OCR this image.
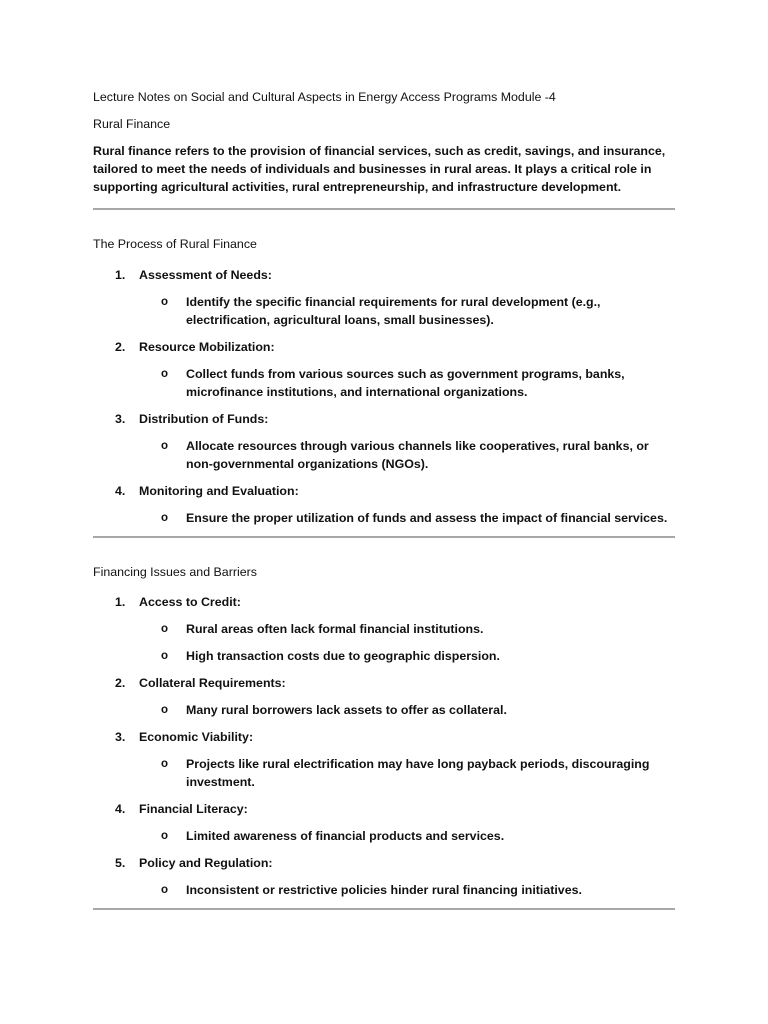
Lecture Notes on Social and Cultural Aspects in Energy Access Programs Module -4

Rural Finance

Rural finance refers to the provision of financial services, such as credit, savings, and insurance, tailored to meet the needs of individuals and businesses in rural areas. It plays a critical role in supporting agricultural activities, rural entrepreneurship, and infrastructure development.

The Process of Rural Finance

1.	Assessment of Needs:
o	Identify the specific financial requirements for rural development (e.g., electrification, agricultural loans, small businesses).
2.	Resource Mobilization:
o	Collect funds from various sources such as government programs, banks, microfinance institutions, and international organizations.
3.	Distribution of Funds:
o	Allocate resources through various channels like cooperatives, rural banks, or non-governmental organizations (NGOs).
4.	Monitoring and Evaluation:
o	Ensure the proper utilization of funds and assess the impact of financial services.

Financing Issues and Barriers

1.	Access to Credit:
o	Rural areas often lack formal financial institutions.
o	High transaction costs due to geographic dispersion.
2.	Collateral Requirements:
o	Many rural borrowers lack assets to offer as collateral.
3.	Economic Viability:
o	Projects like rural electrification may have long payback periods, discouraging investment.
4.	Financial Literacy:
o	Limited awareness of financial products and services.
5.	Policy and Regulation:
o	Inconsistent or restrictive policies hinder rural financing initiatives.
